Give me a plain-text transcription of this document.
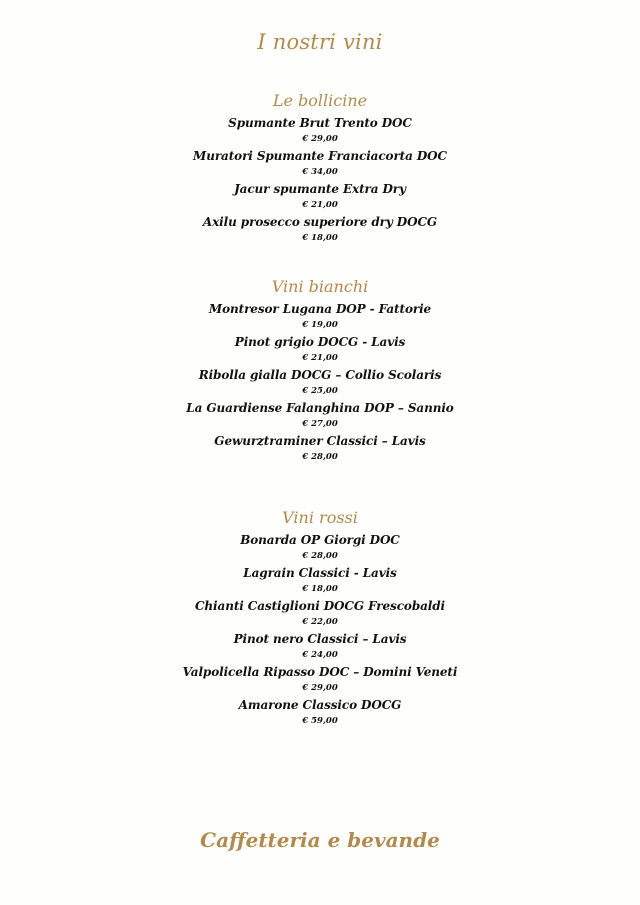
I nostri vini
Le bollicine
Spumante Brut Trento DOC
€ 29,00
Muratori Spumante Franciacorta DOC
€ 34,00
Jacur spumante Extra Dry
€ 21,00
Axilu prosecco superiore dry DOCG
€ 18,00
Vini bianchi
Montresor Lugana DOP - Fattorie
€ 19,00
Pinot grigio DOCG - Lavis
€ 21,00
Ribolla gialla DOCG – Collio Scolaris
€ 25,00
La Guardiense Falanghina DOP – Sannio
€ 27,00
Gewurztraminer Classici – Lavis
€ 28,00
Vini rossi
Bonarda OP Giorgi DOC
€ 28,00
Lagrain Classici - Lavis
€ 18,00
Chianti Castiglioni DOCG Frescobaldi
€ 22,00
Pinot nero Classici – Lavis
€ 24,00
Valpolicella Ripasso DOC – Domini Veneti
€ 29,00
Amarone Classico DOCG
€ 59,00
Caffetteria e bevande
